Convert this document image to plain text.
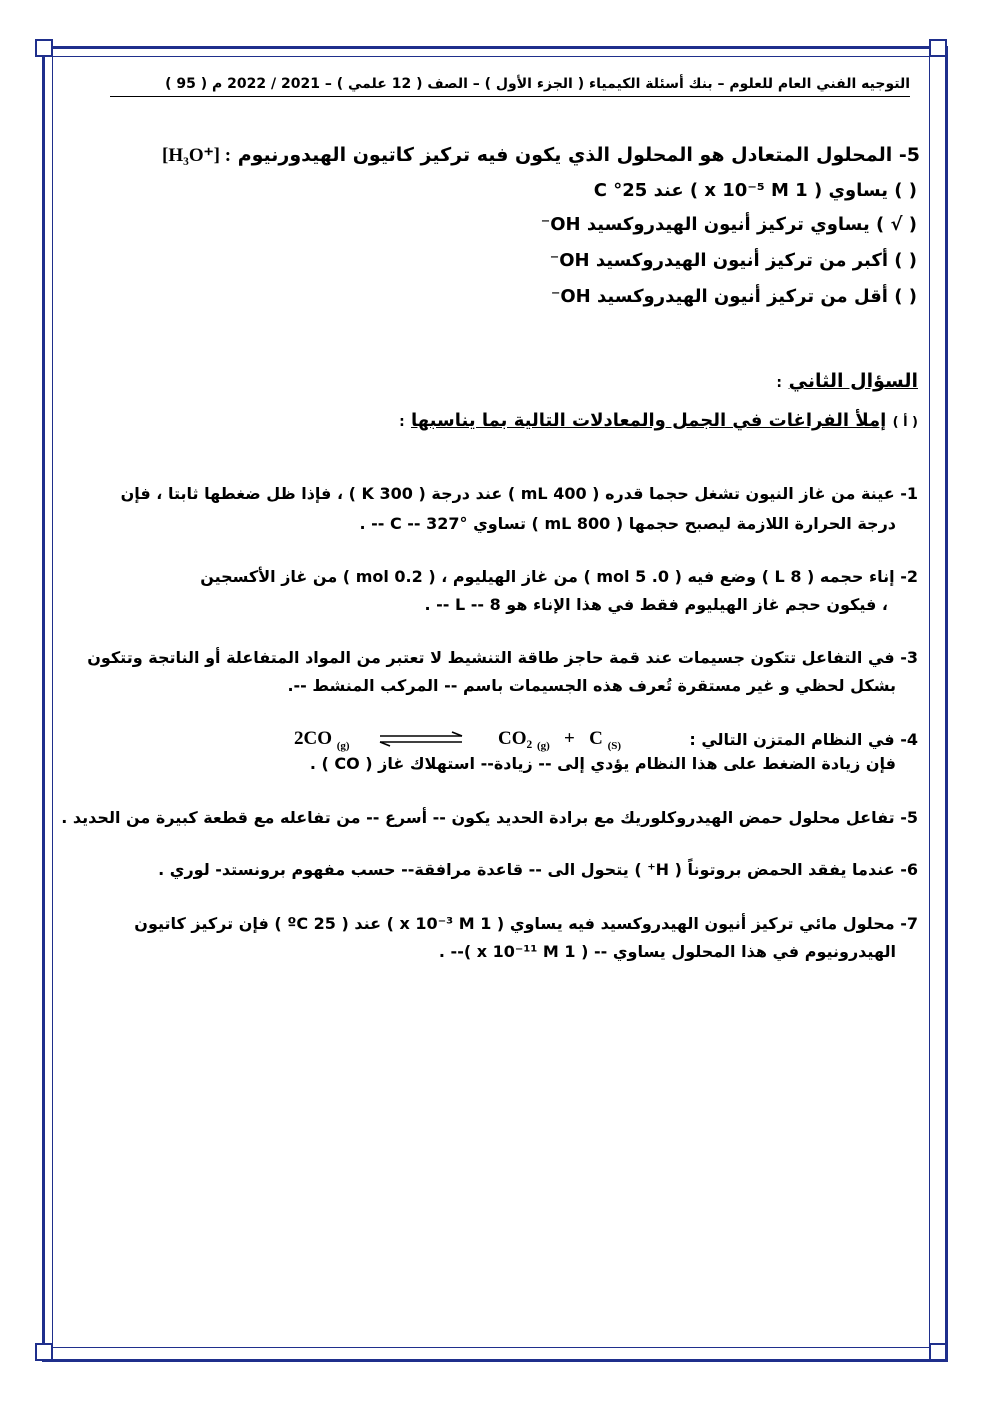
التوجيه الفني العام للعلوم – بنك أسئلة الكيمياء ( الجزء الأول ) – الصف ( 12 علمي ) – 2021 / 2022 م ( 95 )
5- المحلول المتعادل هو المحلول الذي يكون فيه تركيز كاتيون الهيدورنيوم [H₃O⁺] :
( ) يساوي ( 1 x 10⁻⁵ M ) عند 25° C
( √ ) يساوي تركيز أنيون الهيدروكسيد OH⁻
( ) أكبر من تركيز أنيون الهيدروكسيد OH⁻
( ) أقل من تركيز أنيون الهيدروكسيد OH⁻
السؤال الثاني :
( أ ) إملأ الفراغات في الجمل والمعادلات التالية بما يناسبها :
1- عينة من غاز النيون تشغل حجما قدره ( 400 mL ) عند درجة ( 300 K ) ، فإذا ظل ضغطها ثابتا ، فإن
درجة الحرارة اللازمة ليصبح حجمها ( 800 mL ) تساوي °C -- 327 -- .
2- إناء حجمه ( 8 L ) وضع فيه ( 0. 5 mol ) من غاز الهيليوم ، ( 0.2 mol ) من غاز الأكسجين
، فيكون حجم غاز الهيليوم فقط في هذا الإناء هو L -- 8 -- .
3- في التفاعل تتكون جسيمات عند قمة حاجز طاقة التنشيط لا تعتبر من المواد المتفاعلة أو الناتجة وتتكون
بشكل لحظي و غير مستقرة تُعرف هذه الجسيمات باسم -- المركب المنشط --.
4- في النظام المتزن التالي :
2CO $_{(g)}$	CO₂ $_{(g)}$ + C $_{(S)}$
فإن زيادة الضغط على هذا النظام يؤدي إلى -- زيادة-- استهلاك غاز ( CO ) .
5- تفاعل محلول حمض الهيدروكلوريك مع برادة الحديد يكون -- أسرع -- من تفاعله مع قطعة كبيرة من الحديد .
6- عندما يفقد الحمض بروتوناً ( H⁺ ) يتحول الى -- قاعدة مرافقة-- حسب مفهوم برونستد- لوري .
7- محلول مائي تركيز أنيون الهيدروكسيد فيه يساوي ( 1 x 10⁻³ M ) عند ( 25 ºC ) فإن تركيز كاتيون
الهيدرونيوم في هذا المحلول يساوي -- ( 1 x 10⁻¹¹ M )-- .
